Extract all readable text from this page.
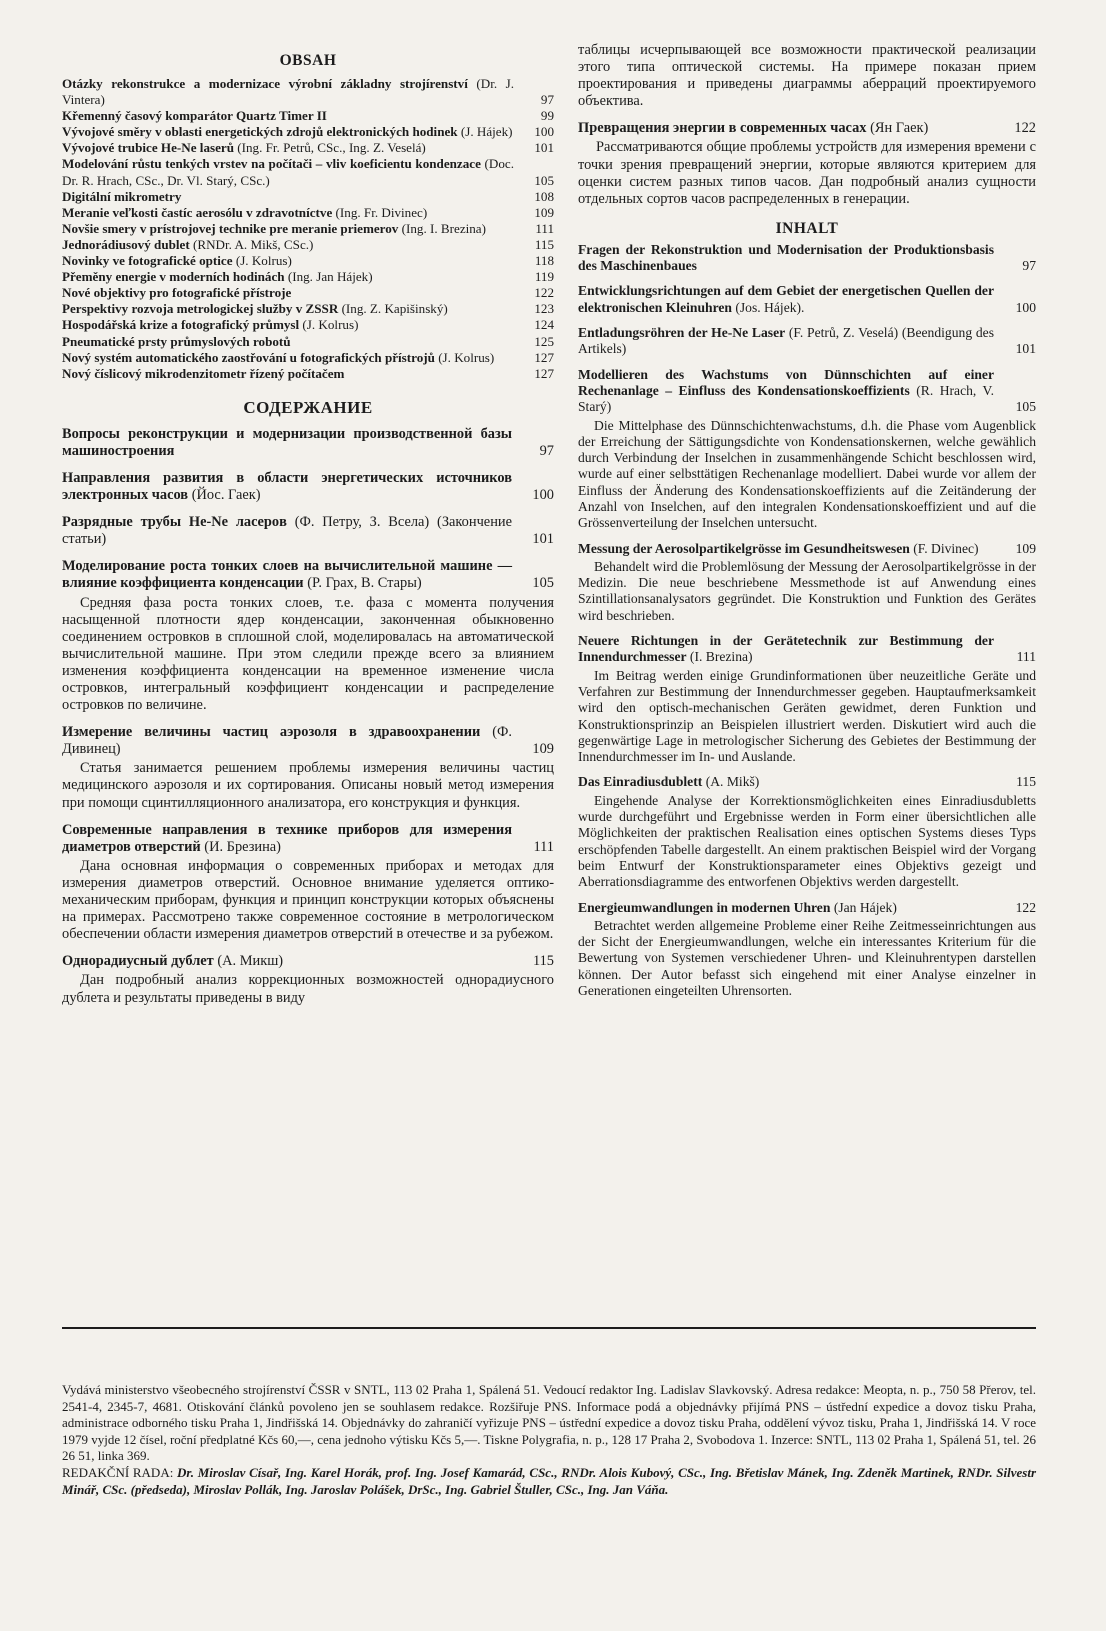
OBSAH
Otázky rekonstrukce a modernizace výrobní základny strojírenství (Dr. J. Vintera)	97
Křemenný časový komparátor Quartz Timer II	99
Vývojové směry v oblasti energetických zdrojů elektronických hodinek (J. Hájek)	100
Vývojové trubice He-Ne laserů (Ing. Fr. Petrů, CSc., Ing. Z. Veselá)	101
Modelování růstu tenkých vrstev na počítači – vliv koeficientu kondenzace (Doc. Dr. R. Hrach, CSc., Dr. Vl. Starý, CSc.)	105
Digitální mikrometry	108
Meranie veľkosti častíc aerosólu v zdravotníctve (Ing. Fr. Divinec)	109
Novšie smery v prístrojovej technike pre meranie priemerov (Ing. I. Brezina)	111
Jednorádiusový dublet (RNDr. A. Mikš, CSc.)	115
Novinky ve fotografické optice (J. Kolrus)	118
Přeměny energie v moderních hodinách (Ing. Jan Hájek)	119
Nové objektivy pro fotografické přístroje	122
Perspektivy rozvoja metrologickej služby v ZSSR (Ing. Z. Kapišinský)	123
Hospodářská krize a fotografický průmysl (J. Kolrus)	124
Pneumatické prsty průmyslových robotů	125
Nový systém automatického zaostřování u fotografických přístrojů (J. Kolrus)	127
Nový číslicový mikrodenzitometr řízený počítačem	127
СОДЕРЖАНИЕ
Вопросы реконструкции и модернизации производственной базы машиностроения	97
Направления развития в области энергетических источников электронных часов (Йос. Гаек)	100
Разрядные трубы He-Ne лacepoв (Ф. Петру, З. Вселa) (Закончение статьи)	101
Моделирование роста тонких слоев на вычислительной машине — влияние коэффициента конденсации (P. Грах, В. Стары)	105
Средняя фаза роста тонких слоев, т.е. фаза с момента получения насыщенной плотности ядер конденсации, законченная обыкновенно соединением островков в сплошной слой, моделировалась на автоматической вычислительной машине. При этом следили прежде всего за влиянием изменения коэффициента конденсации на временное изменение числа островков, интегральный коэффициент конденсации и распределение островков по величине.
Измерение величины частиц аэрозоля в здравоохранении (Ф. Дивинец)	109
Статья занимается решением проблемы измерения величины частиц медицинского аэрозоля и их сортирования. Описаны новый метод измерения при помощи сцинтилляционного анализатора, его конструкция и функция.
Современные направления в технике приборов для измерения диаметров отверстий (И. Брезина)	111
Дана основная информация о современных приборах и методах для измерения диаметров отверстий. Основное внимание уделяется оптико-механическим приборам, функция и принцип конструкции которых объяснены на примерах. Рассмотрено также современное состояние в метрологическом обеспечении области измерения диаметров отверстий в отечестве и за рубежом.
Однорадиусный дублет (А. Микш)	115
Дан подробный анализ коррекционных возможностей однорадиусного дублета и результаты приведены в виду
таблицы исчерпывающей все возможности практической реализации этого типа оптической системы. На примере показан прием проектирования и приведены диаграммы аберраций проектируемого объектива.
Превращения энергии в современных часах (Ян Гаек)	122
Рассматриваются общие проблемы устройств для измерения времени с точки зрения превращений энергии, которые являются критерием для оценки систем разных типов часов. Дан подробный анализ сущности отдельных сортов часов распределенных в генерации.
INHALT
Fragen der Rekonstruktion und Modernisation der Produktionsbasis des Maschinenbaues	97
Entwicklungsrichtungen auf dem Gebiet der energetischen Quellen der elektronischen Kleinuhren (Jos. Hájek).	100
Entladungsröhren der He-Ne Laser (F. Petrů, Z. Veselá) (Beendigung des Artikels)	101
Modellieren des Wachstums von Dünnschichten auf einer Rechenanlage – Einfluss des Kondensationskoeffizients (R. Hrach, V. Starý)	105
Die Mittelphase des Dünnschichtenwachstums, d.h. die Phase vom Augenblick der Erreichung der Sättigungsdichte von Kondensationskernen, welche gewählich durch Verbindung der Inselchen in zusammenhängende Schicht beschlossen wird, wurde auf einer selbsttätigen Rechenanlage modelliert. Dabei wurde vor allem der Einfluss der Änderung des Kondensationskoeffizients auf die Zeitänderung der Anzahl von Inselchen, auf den integralen Kondensationskoeffizient und auf die Grössenverteilung der Inselchen untersucht.
Messung der Aerosolpartikelgrösse im Gesundheitswesen (F. Divinec)	109
Behandelt wird die Problemlösung der Messung der Aerosolpartikelgrösse in der Medizin. Die neue beschriebene Messmethode ist auf Anwendung eines Szintillationsanalysators gegründet. Die Konstruktion und Funktion des Gerätes wird beschrieben.
Neuere Richtungen in der Gerätetechnik zur Bestimmung der Innendurchmesser (I. Brezina)	111
Im Beitrag werden einige Grundinformationen über neuzeitliche Geräte und Verfahren zur Bestimmung der Innendurchmesser gegeben. Hauptaufmerksamkeit wird den optisch-mechanischen Geräten gewidmet, deren Funktion und Konstruktionsprinzip an Beispielen illustriert werden. Diskutiert wird auch die gegenwärtige Lage in metrologischer Sicherung des Gebietes der Bestimmung der Innendurchmesser im In- und Auslande.
Das Einradiusdublett (A. Mikš)	115
Eingehende Analyse der Korrektionsmöglichkeiten eines Einradiusdubletts wurde durchgeführt und Ergebnisse werden in Form einer übersichtlichen alle Möglichkeiten der praktischen Realisation eines optischen Systems dieses Typs erschöpfenden Tabelle dargestellt. An einem praktischen Beispiel wird der Vorgang beim Entwurf der Konstruktionsparameter eines Objektivs gezeigt und Aberrationsdiagramme des entworfenen Objektivs werden dargestellt.
Energieumwandlungen in modernen Uhren (Jan Hájek)	122
Betrachtet werden allgemeine Probleme einer Reihe Zeitmesseinrichtungen aus der Sicht der Energieumwandlungen, welche ein interessantes Kriterium für die Bewertung von Systemen verschiedener Uhren- und Kleinuhrentypen darstellen können. Der Autor befasst sich eingehend mit einer Analyse einzelner in Generationen eingeteilten Uhrensorten.
Vydává ministerstvo všeobecného strojírenství ČSSR v SNTL, 113 02 Praha 1, Spálená 51. Vedoucí redaktor Ing. Ladislav Slavkovský. Adresa redakce: Meopta, n. p., 750 58 Přerov, tel. 2541-4, 2345-7, 4681. Otiskování článků povoleno jen se souhlasem redakce. Rozšiřuje PNS. Informace podá a objednávky přijímá PNS – ústřední expedice a dovoz tisku Praha, administrace odborného tisku Praha 1, Jindřišská 14. Objednávky do zahraničí vyřizuje PNS – ústřední expedice a dovoz tisku Praha, oddělení vývoz tisku, Praha 1, Jindřišská 14. V roce 1979 vyjde 12 čísel, roční předplatné Kčs 60,—, cena jednoho výtisku Kčs 5,—. Tiskne Polygrafia, n. p., 128 17 Praha 2, Svobodova 1. Inzerce: SNTL, 113 02 Praha 1, Spálená 51, tel. 26 26 51, linka 369.
REDAKČNÍ RADA: Dr. Miroslav Císař, Ing. Karel Horák, prof. Ing. Josef Kamarád, CSc., RNDr. Alois Kubový, CSc., Ing. Břetislav Mánek, Ing. Zdeněk Martinek, RNDr. Silvestr Minář, CSc. (předseda), Miroslav Pollák, Ing. Jaroslav Polášek, DrSc., Ing. Gabriel Štuller, CSc., Ing. Jan Váňa.
